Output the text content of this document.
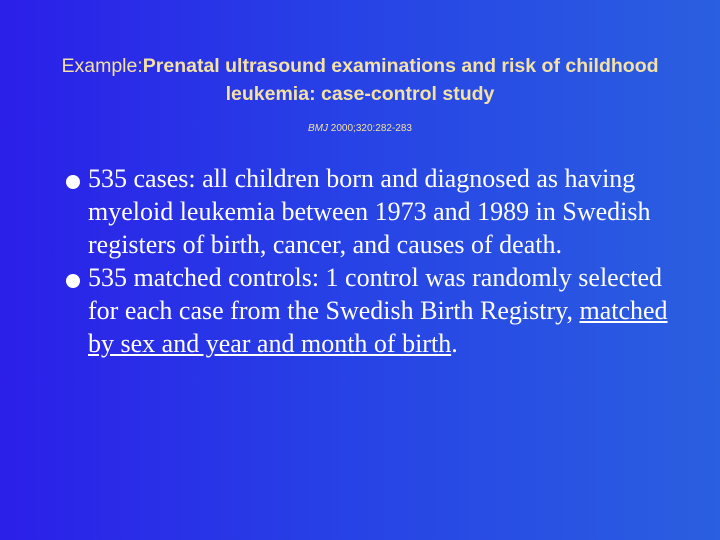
Example:Prenatal ultrasound examinations and risk of childhood leukemia: case-control study
BMJ 2000;320:282-283
535 cases: all children born and diagnosed as having myeloid leukemia between 1973 and 1989 in Swedish registers of birth, cancer, and causes of death.
535 matched controls: 1 control was randomly selected for each case from the Swedish Birth Registry, matched by sex and year and month of birth.
